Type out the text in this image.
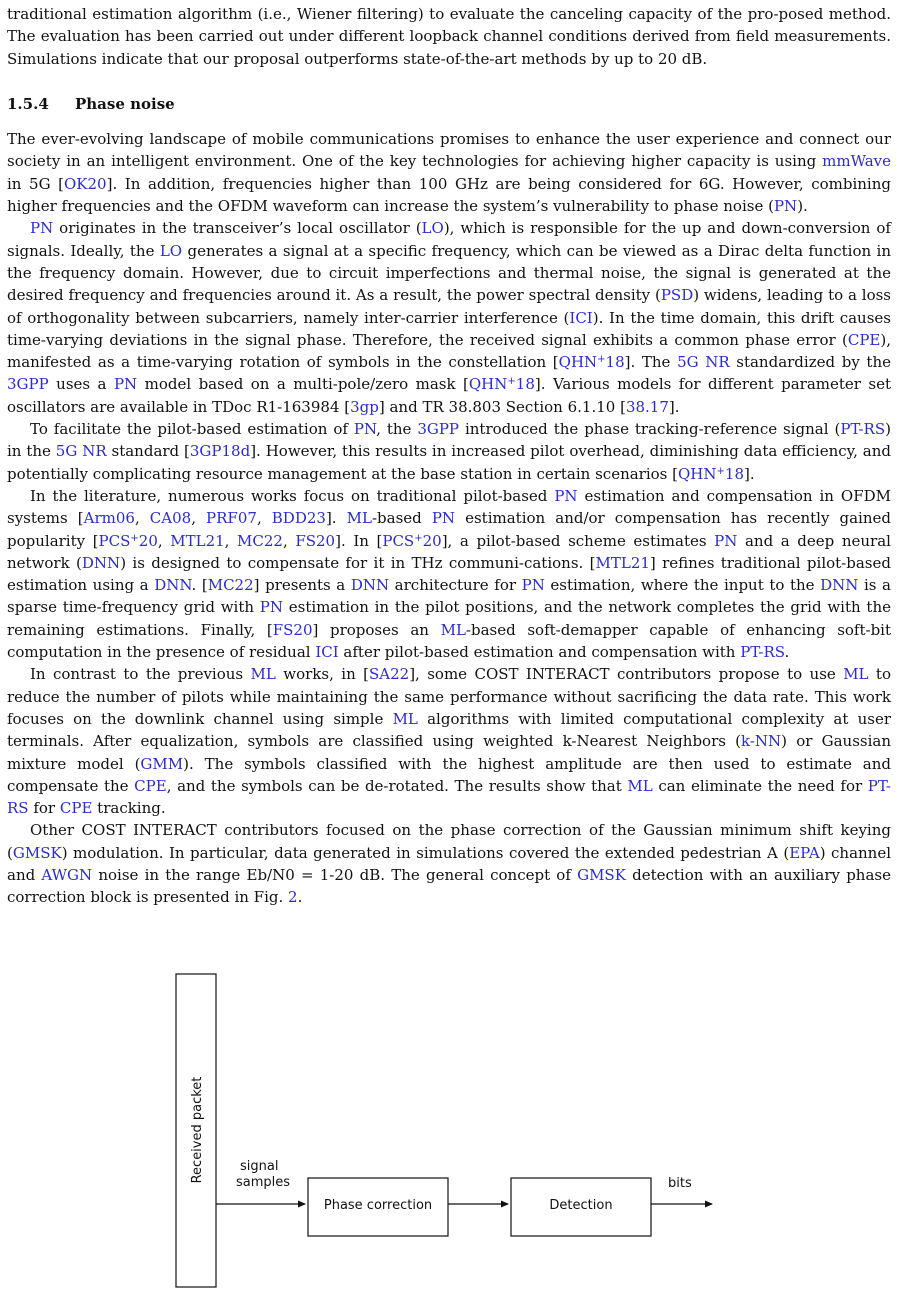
traditional estimation algorithm (i.e., Wiener filtering) to evaluate the canceling capacity of the pro-posed method. The evaluation has been carried out under different loopback channel conditions derived from field measurements. Simulations indicate that our proposal outperforms state-of-the-art methods by up to 20 dB.

1.5.4 Phase noise

The ever-evolving landscape of mobile communications promises to enhance the user experience and connect our society in an intelligent environment. One of the key technologies for achieving higher capacity is using mmWave in 5G [OK20]. In addition, frequencies higher than 100 GHz are being considered for 6G. However, combining higher frequencies and the OFDM waveform can increase the system’s vulnerability to phase noise (PN).

PN originates in the transceiver’s local oscillator (LO), which is responsible for the up and down-conversion of signals. Ideally, the LO generates a signal at a specific frequency, which can be viewed as a Dirac delta function in the frequency domain. However, due to circuit imperfections and thermal noise, the signal is generated at the desired frequency and frequencies around it. As a result, the power spectral density (PSD) widens, leading to a loss of orthogonality between subcarriers, namely inter-carrier interference (ICI). In the time domain, this drift causes time-varying deviations in the signal phase. Therefore, the received signal exhibits a common phase error (CPE), manifested as a time-varying rotation of symbols in the constellation [QHN+18]. The 5G NR standardized by the 3GPP uses a PN model based on a multi-pole/zero mask [QHN+18]. Various models for different parameter set oscillators are available in TDoc R1-163984 [3gp] and TR 38.803 Section 6.1.10 [38.17].

To facilitate the pilot-based estimation of PN, the 3GPP introduced the phase tracking-reference signal (PT-RS) in the 5G NR standard [3GP18d]. However, this results in increased pilot overhead, diminishing data efficiency, and potentially complicating resource management at the base station in certain scenarios [QHN+18].

In the literature, numerous works focus on traditional pilot-based PN estimation and compensation in OFDM systems [Arm06, CA08, PRF07, BDD23]. ML-based PN estimation and/or compensation has recently gained popularity [PCS+20, MTL21, MC22, FS20]. In [PCS+20], a pilot-based scheme estimates PN and a deep neural network (DNN) is designed to compensate for it in THz communi-cations. [MTL21] refines traditional pilot-based estimation using a DNN. [MC22] presents a DNN architecture for PN estimation, where the input to the DNN is a sparse time-frequency grid with PN estimation in the pilot positions, and the network completes the grid with the remaining estimations. Finally, [FS20] proposes an ML-based soft-demapper capable of enhancing soft-bit computation in the presence of residual ICI after pilot-based estimation and compensation with PT-RS.

In contrast to the previous ML works, in [SA22], some COST INTERACT contributors propose to use ML to reduce the number of pilots while maintaining the same performance without sacrificing the data rate. This work focuses on the downlink channel using simple ML algorithms with limited computational complexity at user terminals. After equalization, symbols are classified using weighted k-Nearest Neighbors (k-NN) or Gaussian mixture model (GMM). The symbols classified with the highest amplitude are then used to estimate and compensate the CPE, and the symbols can be de-rotated. The results show that ML can eliminate the need for PT-RS for CPE tracking.

Other COST INTERACT contributors focused on the phase correction of the Gaussian minimum shift keying (GMSK) modulation. In particular, data generated in simulations covered the extended pedestrian A (EPA) channel and AWGN noise in the range Eb/N0 = 1-20 dB. The general concept of GMSK detection with an auxiliary phase correction block is presented in Fig. 2.

Received packet	signal
samples
Phase correction	Detection
bits
